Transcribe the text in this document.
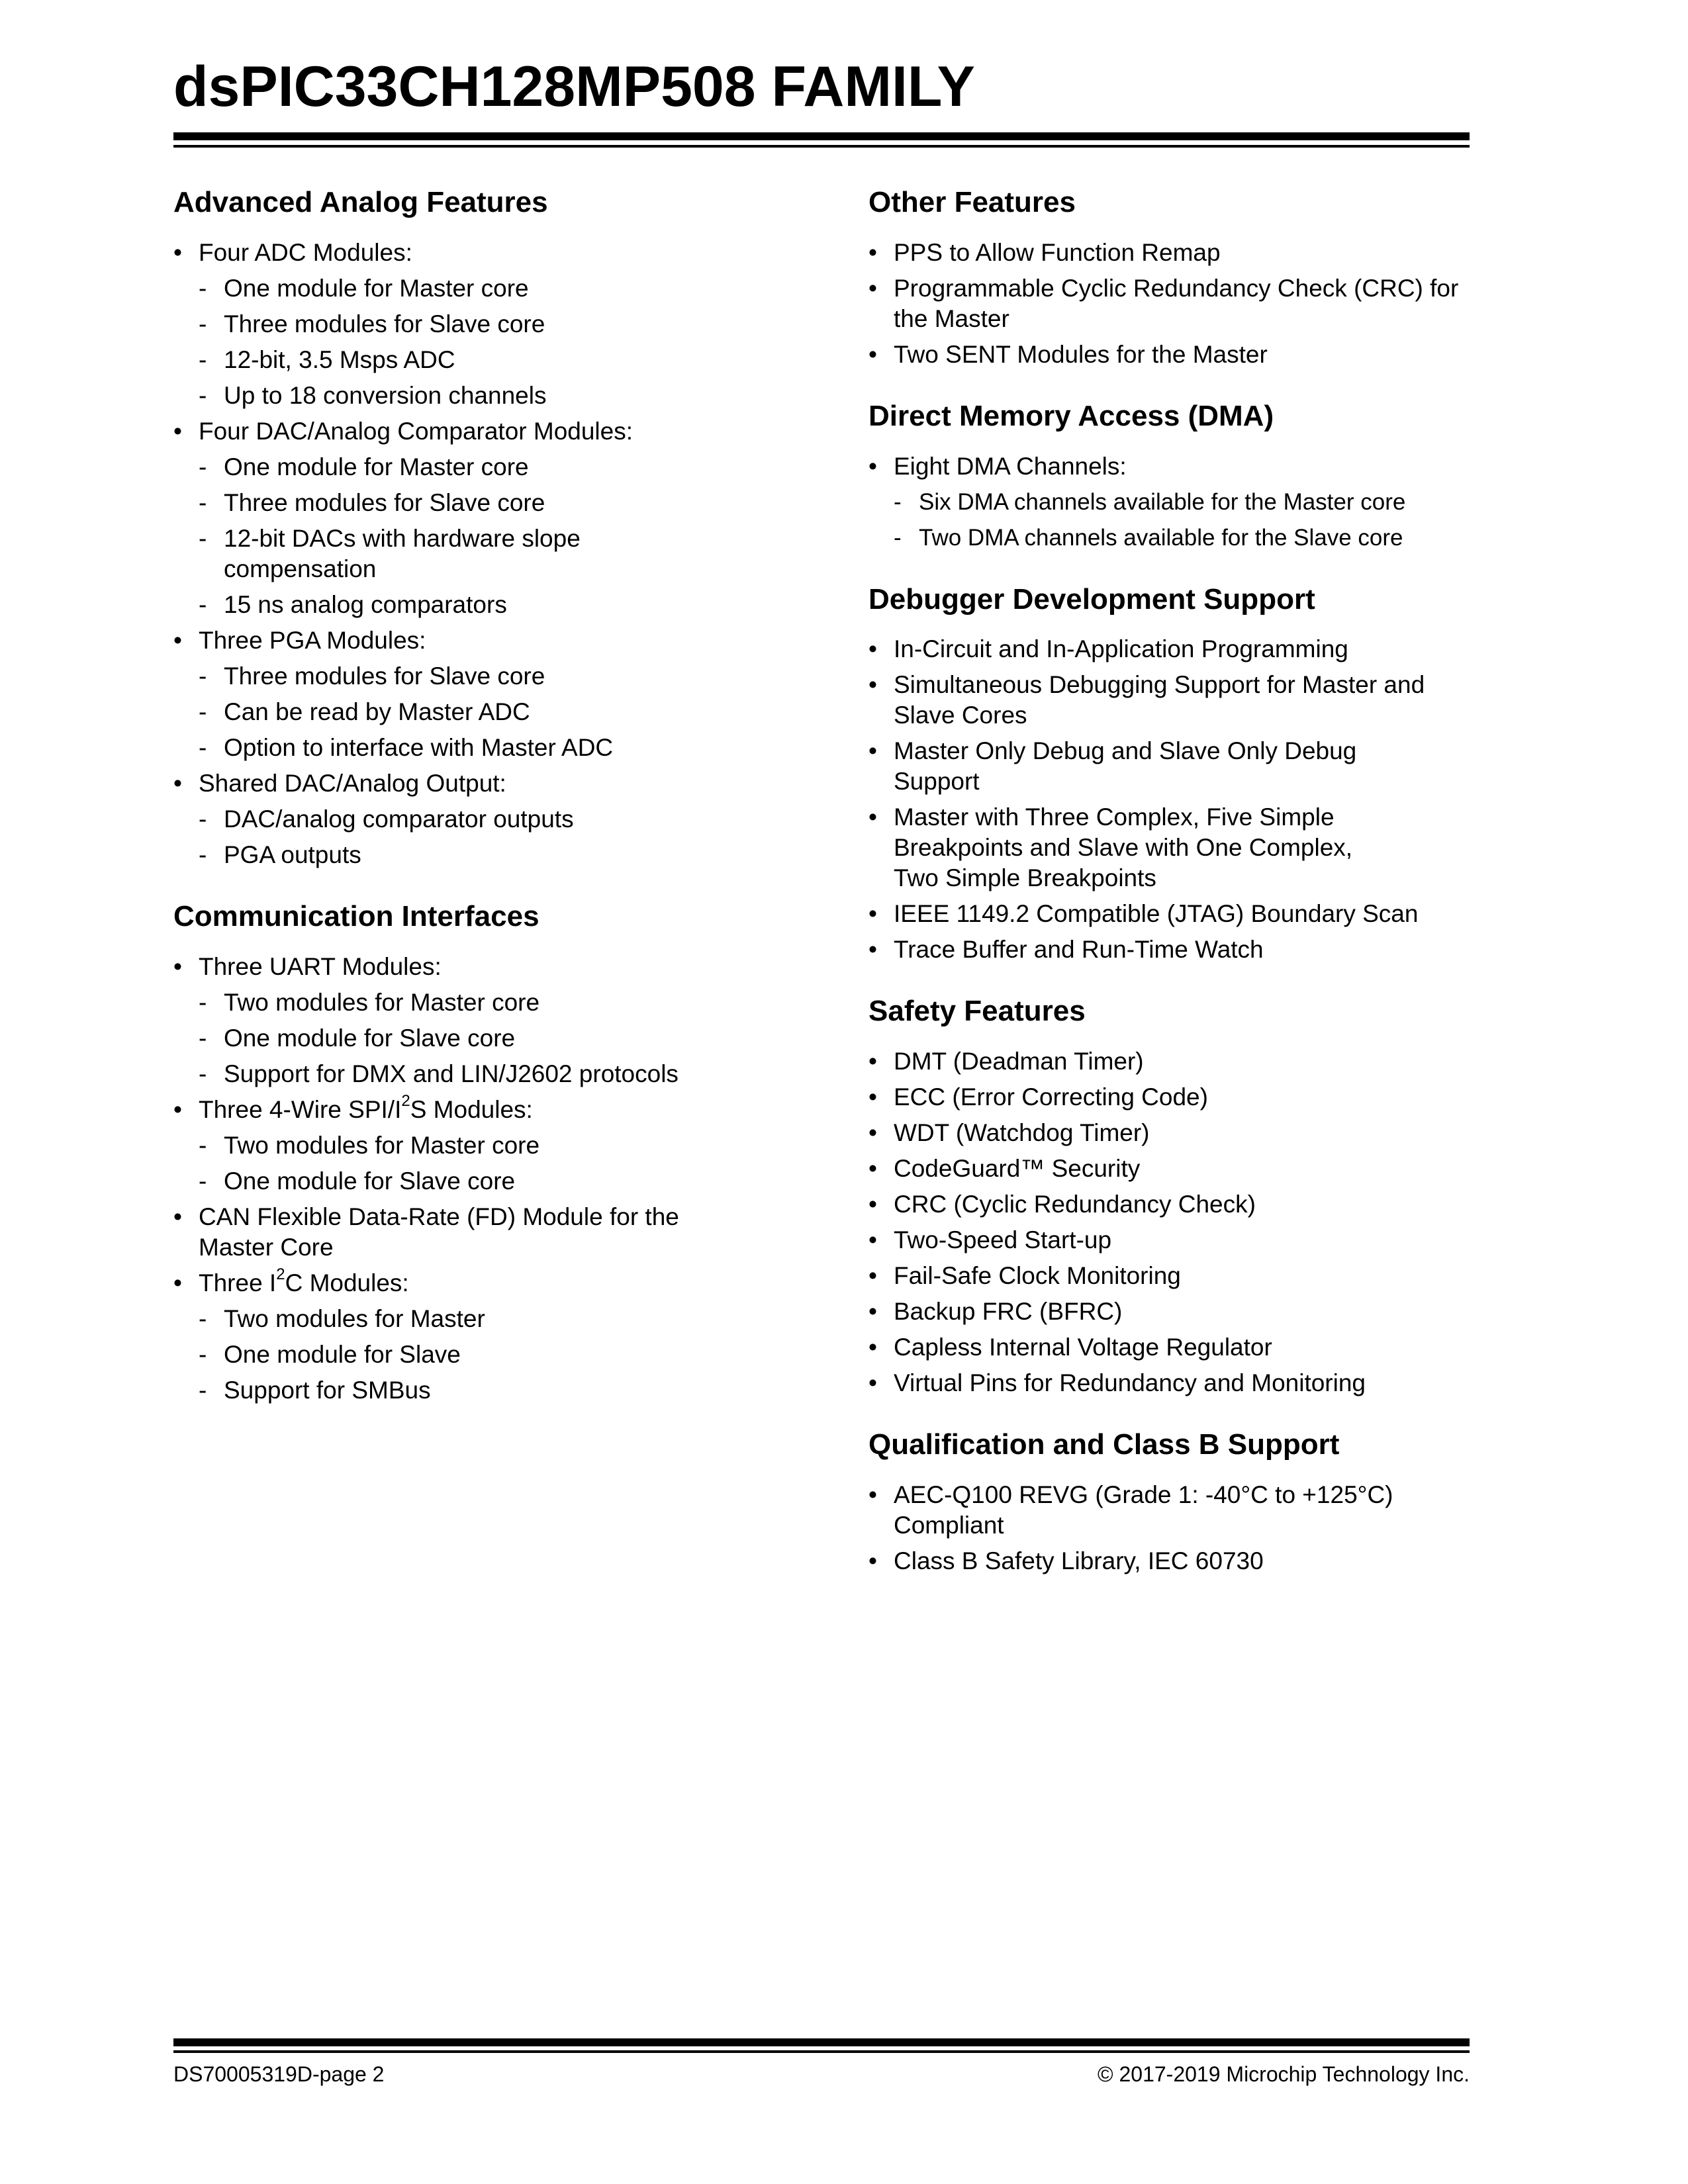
dsPIC33CH128MP508 FAMILY
Advanced Analog Features
• Four ADC Modules:
- One module for Master core
- Three modules for Slave core
- 12-bit, 3.5 Msps ADC
- Up to 18 conversion channels
• Four DAC/Analog Comparator Modules:
- One module for Master core
- Three modules for Slave core
- 12-bit DACs with hardware slope compensation
- 15 ns analog comparators
• Three PGA Modules:
- Three modules for Slave core
- Can be read by Master ADC
- Option to interface with Master ADC
• Shared DAC/Analog Output:
- DAC/analog comparator outputs
- PGA outputs
Communication Interfaces
• Three UART Modules:
- Two modules for Master core
- One module for Slave core
- Support for DMX and LIN/J2602 protocols
• Three 4-Wire SPI/$I^2S$ Modules:
- Two modules for Master core
- One module for Slave core
• CAN Flexible Data-Rate (FD) Module for the Master Core
• Three $I^2C$ Modules:
- Two modules for Master
- One module for Slave
- Support for SMBus
Other Features
• PPS to Allow Function Remap
• Programmable Cyclic Redundancy Check (CRC) for the Master
• Two SENT Modules for the Master
Direct Memory Access (DMA)
• Eight DMA Channels:
- Six DMA channels available for the Master core
- Two DMA channels available for the Slave core
Debugger Development Support
• In-Circuit and In-Application Programming
• Simultaneous Debugging Support for Master and Slave Cores
• Master Only Debug and Slave Only Debug Support
• Master with Three Complex, Five Simple Breakpoints and Slave with One Complex, Two Simple Breakpoints
• IEEE 1149.2 Compatible (JTAG) Boundary Scan
• Trace Buffer and Run-Time Watch
Safety Features
• DMT (Deadman Timer)
• ECC (Error Correcting Code)
• WDT (Watchdog Timer)
• CodeGuard™ Security
• CRC (Cyclic Redundancy Check)
• Two-Speed Start-up
• Fail-Safe Clock Monitoring
• Backup FRC (BFRC)
• Capless Internal Voltage Regulator
• Virtual Pins for Redundancy and Monitoring
Qualification and Class B Support
• AEC-Q100 REVG (Grade 1: -40°C to +125°C) Compliant
• Class B Safety Library, IEC 60730
DS70005319D-page 2	© 2017-2019 Microchip Technology Inc.
